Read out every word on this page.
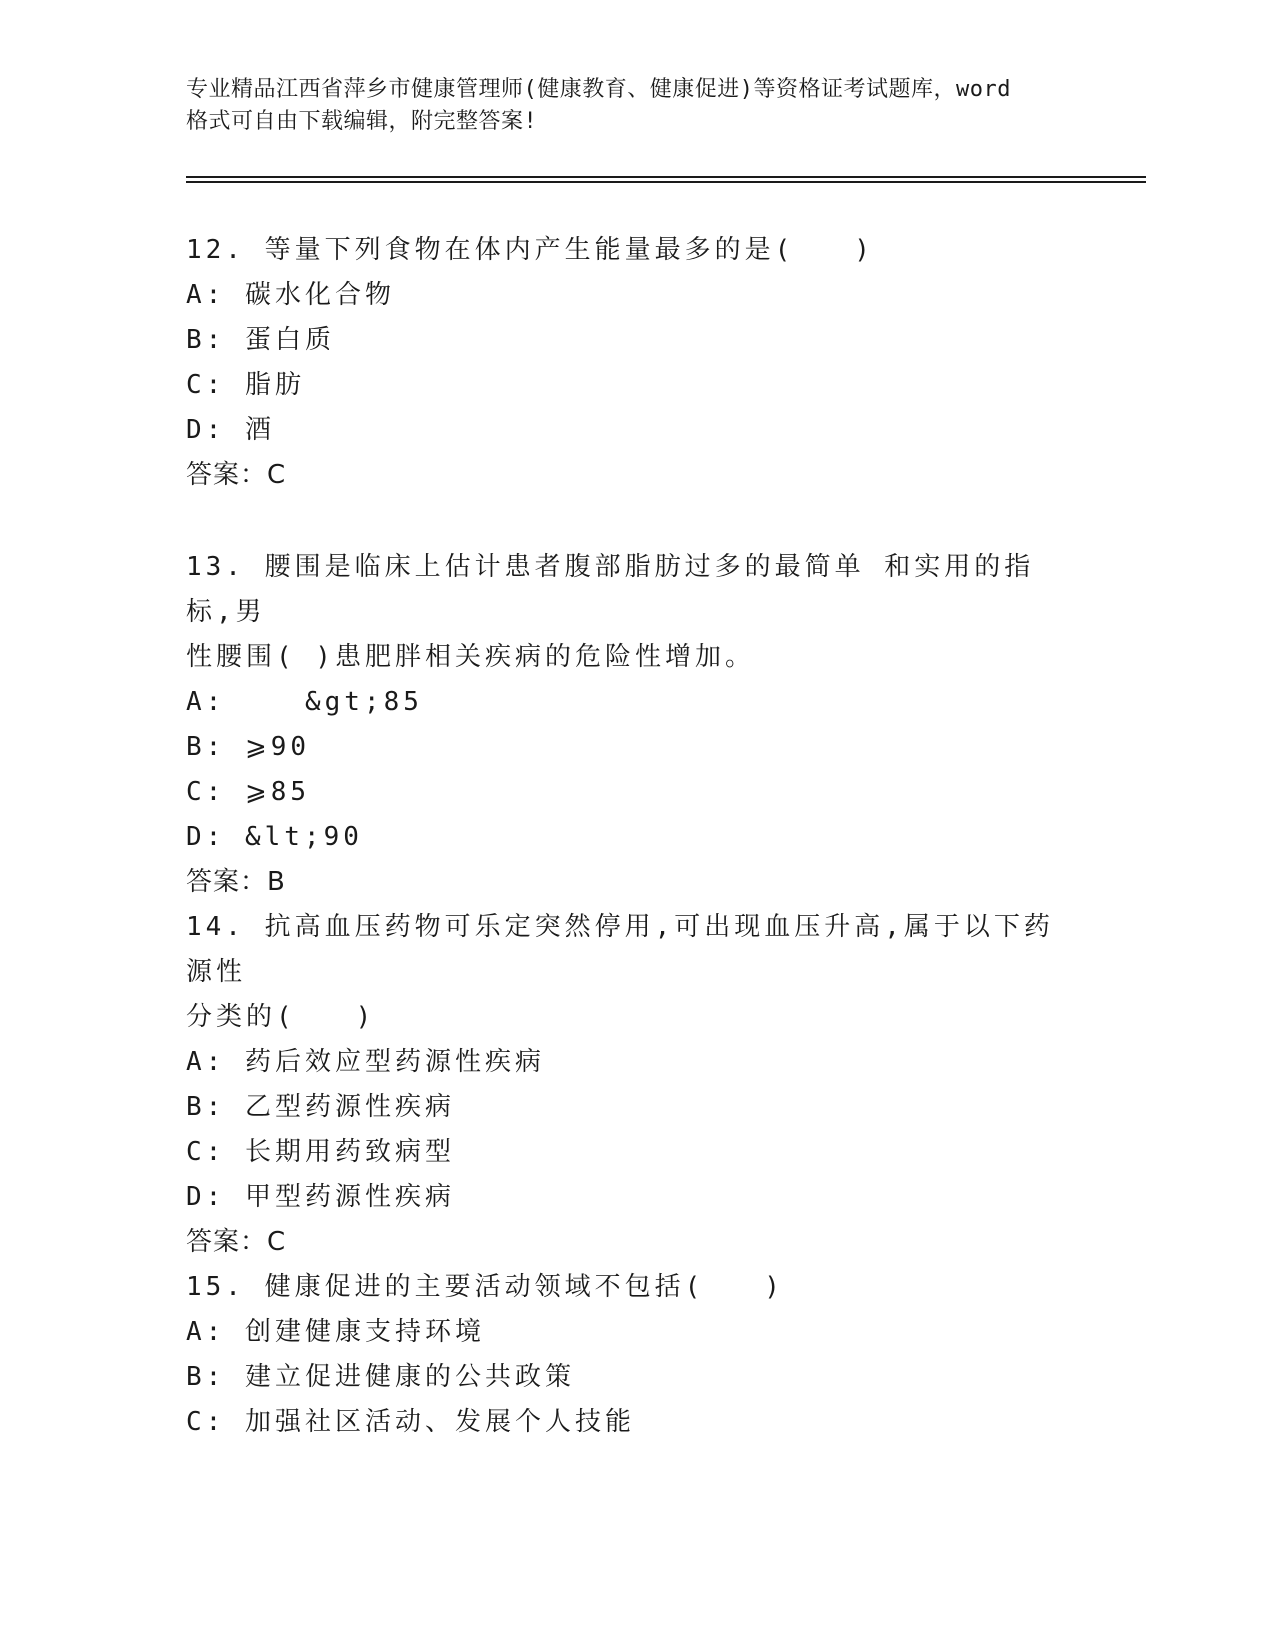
专业精品江西省萍乡市健康管理师(健康教育、健康促进)等资格证考试题库，word
格式可自由下载编辑，附完整答案!

12. 等量下列食物在体内产生能量最多的是(　　)

A: 碳水化合物

B: 蛋白质

C: 脂肪

D: 酒

答案：C

13. 腰围是临床上估计患者腹部脂肪过多的最简单 和实用的指标,男

性腰围( )患肥胖相关疾病的危险性增加。

A:　　 &gt;85

B: ⩾90

C: ⩾85

D: &lt;90

答案：B

14. 抗高血压药物可乐定突然停用,可出现血压升高,属于以下药源性

分类的(　　)

A: 药后效应型药源性疾病

B: 乙型药源性疾病

C: 长期用药致病型

D: 甲型药源性疾病

答案：C

15. 健康促进的主要活动领域不包括(　　)

A: 创建健康支持环境

B: 建立促进健康的公共政策

C: 加强社区活动、发展个人技能
